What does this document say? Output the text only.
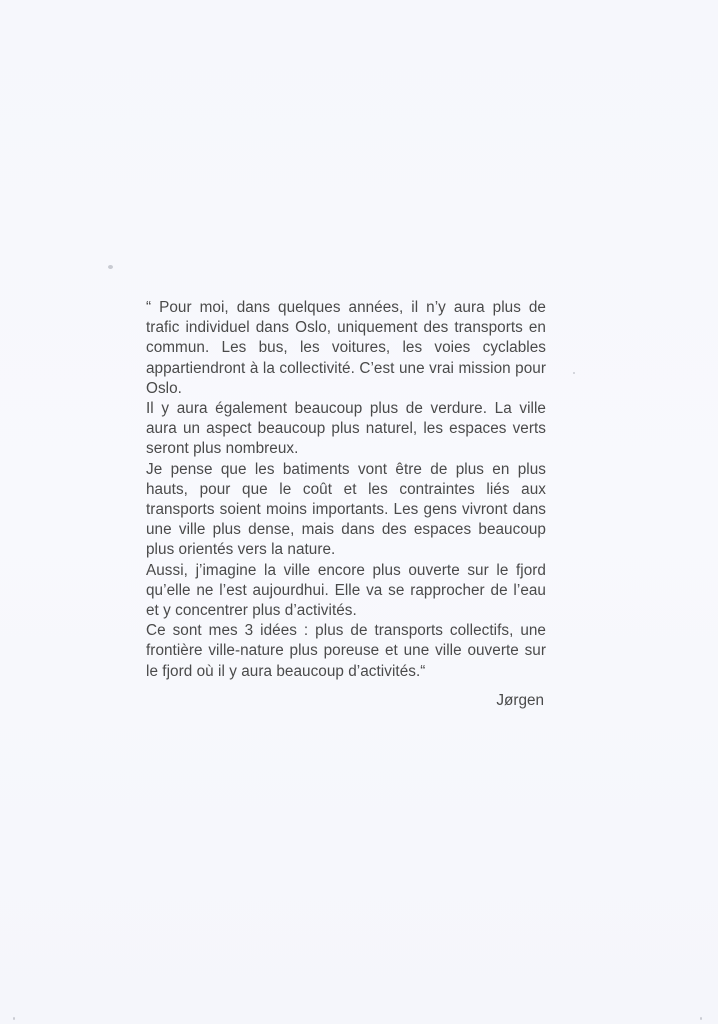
“ Pour moi, dans quelques années, il n’y aura plus de trafic individuel dans Oslo, uniquement des transports en commun. Les bus, les voitures, les voies cyclables appartiendront à la collectivité. C’est une vrai mission pour Oslo.

Il y aura également beaucoup plus de verdure. La ville aura un aspect beaucoup plus naturel, les espaces verts seront plus nombreux.

Je pense que les batiments vont être de plus en plus hauts, pour que le coût et les contraintes liés aux transports soient moins importants. Les gens vivront dans une ville plus dense, mais dans des espaces beaucoup plus orientés vers la nature.

Aussi, j’imagine la ville encore plus ouverte sur le fjord qu’elle ne l’est aujourdhui. Elle va se rapprocher de l’eau et y concentrer plus d’activités.

Ce sont mes 3 idées : plus de transports collectifs, une frontière ville-nature plus poreuse et une ville ouverte sur le fjord où il y aura beaucoup d’activités.“

Jørgen
